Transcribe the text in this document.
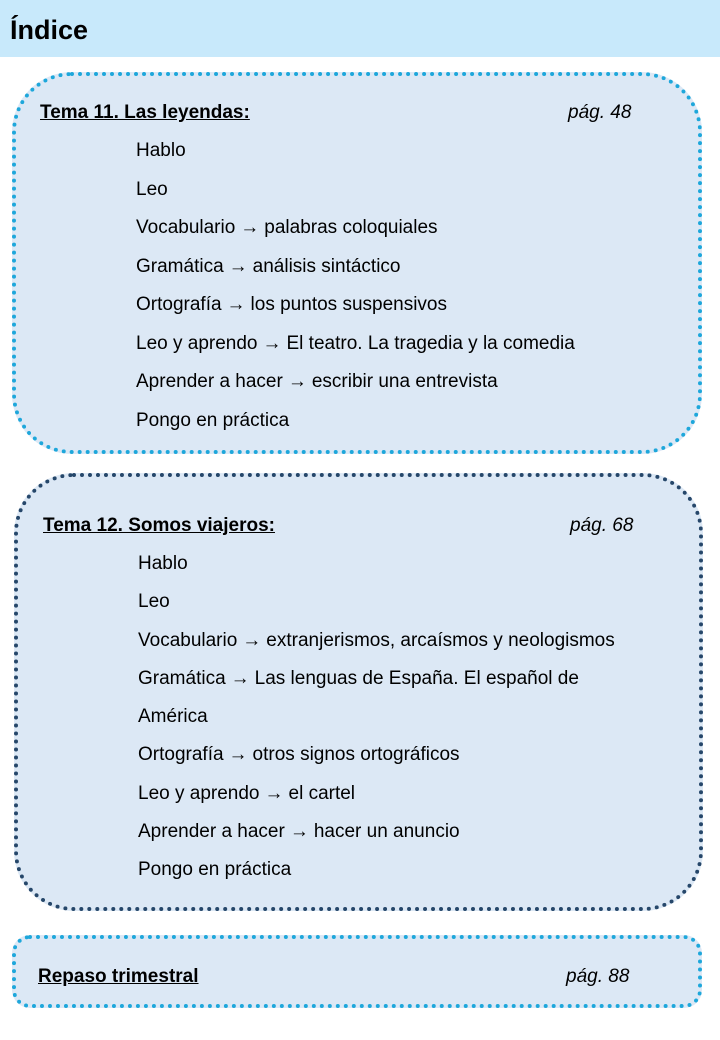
Índice
Tema 11. Las leyendas:	pág. 48
Hablo
Leo
Vocabulario → palabras coloquiales
Gramática → análisis sintáctico
Ortografía → los puntos suspensivos
Leo y aprendo → El teatro. La tragedia y la comedia
Aprender a hacer → escribir una entrevista
Pongo en práctica
Tema 12. Somos viajeros:	pág. 68
Hablo
Leo
Vocabulario → extranjerismos, arcaísmos y neologismos
Gramática → Las lenguas de España. El español de
América
Ortografía → otros signos ortográficos
Leo y aprendo → el cartel
Aprender a hacer → hacer un anuncio
Pongo en práctica
Repaso trimestral	pág. 88
